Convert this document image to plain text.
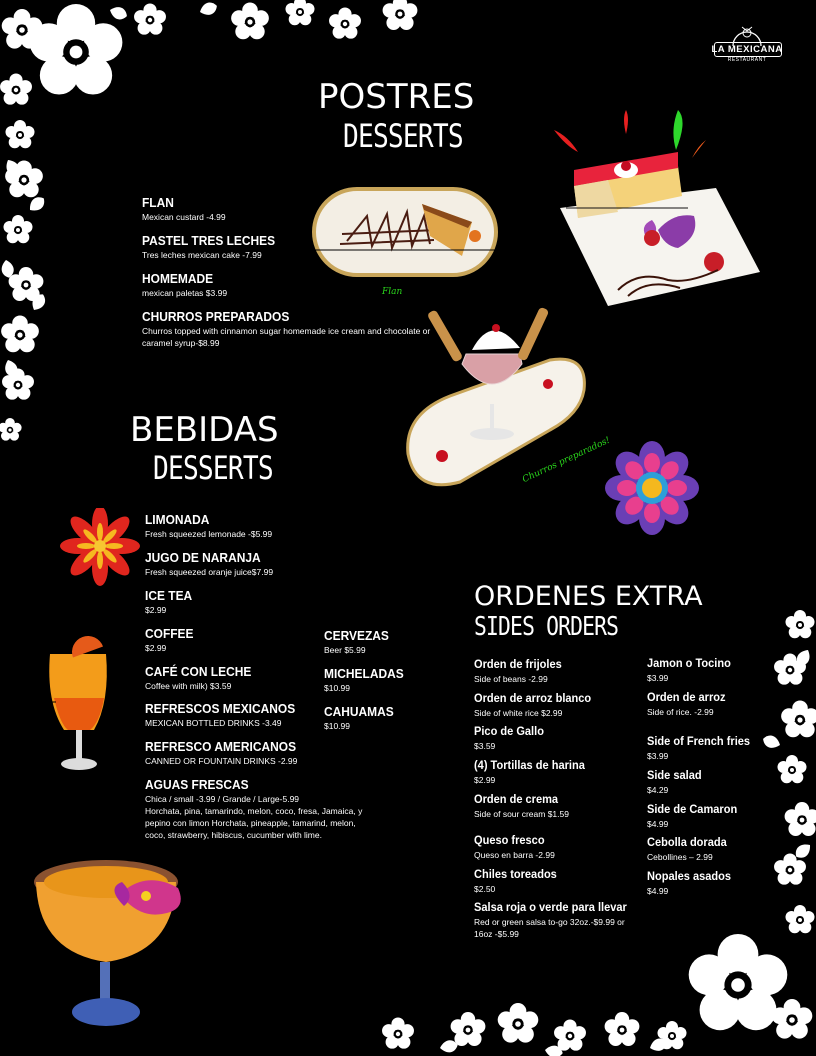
LA MEXICANA
RESTAURANT
POSTRES
DESSERTS
FLAN
Mexican custard -4.99
PASTEL TRES LECHES
Tres leches mexican cake -7.99
HOMEMADE
mexican paletas $3.99
CHURROS PREPARADOS
Churros topped with cinnamon sugar homemade ice cream and chocolate or caramel syrup-$8.99
Flan
Churros preparados!
BEBIDAS
DESSERTS
LIMONADA
Fresh squeezed lemonade -$5.99
JUGO DE NARANJA
Fresh squeezed oranje juice$7.99
ICE TEA
$2.99
COFFEE
$2.99
CAFÉ CON LECHE
Coffee with milk) $3.59
REFRESCOS MEXICANOS
MEXICAN BOTTLED DRINKS -3.49
REFRESCO AMERICANOS
CANNED OR FOUNTAIN DRINKS -2.99
AGUAS FRESCAS
Chica / small -3.99 / Grande / Large-5.99
Horchata, pina, tamarindo, melon, coco, fresa, Jamaica, y pepino con limon Horchata, pineapple, tamarind, melon, coco, strawberry, hibiscus, cucumber with lime.
CERVEZAS
Beer $5.99
MICHELADAS
$10.99
CAHUAMAS
$10.99
ORDENES EXTRA
SIDES ORDERS
Orden de frijoles
Side of beans -2.99
Orden de arroz blanco
Side of white rice $2.99
Pico de Gallo
$3.59
(4) Tortillas de harina
$2.99
Orden de crema
Side of sour cream $1.59
Queso fresco
Queso en barra -2.99
Chiles toreados
$2.50
Salsa roja o verde para llevar
Red or green salsa to-go 32oz.-$9.99 or 16oz -$5.99
Jamon o Tocino
$3.99
Orden de arroz
Side of rice. -2.99
Side of French fries
$3.99
Side salad
$4.29
Side de Camaron
$4.99
Cebolla dorada
Cebollines – 2.99
Nopales asados
$4.99
